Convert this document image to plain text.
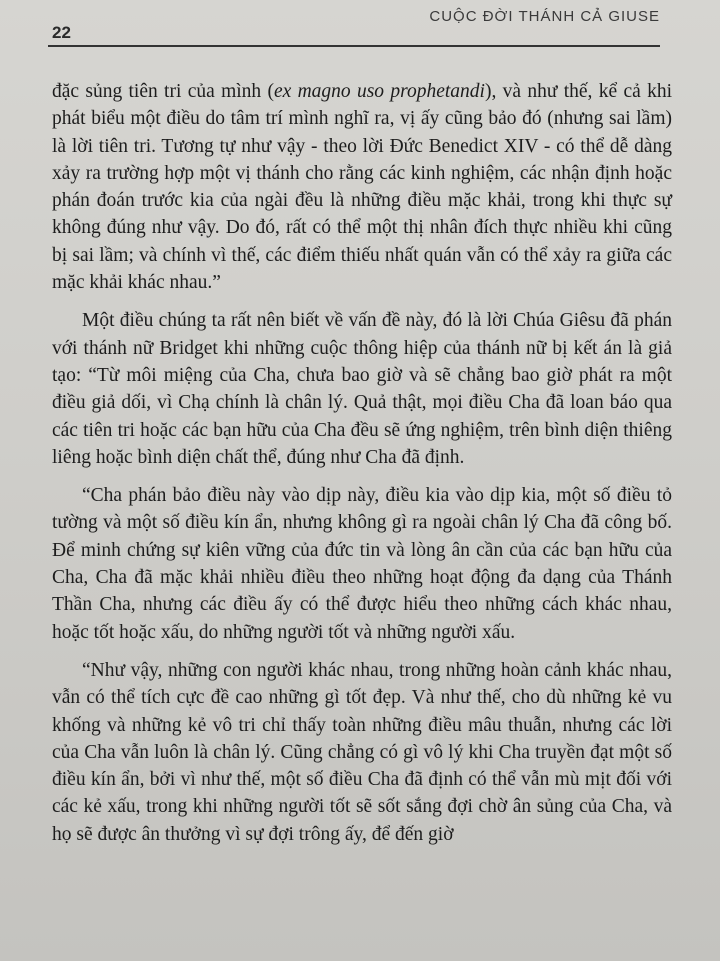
22
CUỘC ĐỜI THÁNH CẢ GIUSE

đặc sủng tiên tri của mình (ex magno uso prophetandi), và như thế, kể cả khi phát biểu một điều do tâm trí mình nghĩ ra, vị ấy cũng bảo đó (nhưng sai lầm) là lời tiên tri. Tương tự như vậy - theo lời Đức Benedict XIV - có thể dễ dàng xảy ra trường hợp một vị thánh cho rằng các kinh nghiệm, các nhận định hoặc phán đoán trước kia của ngài đều là những điều mặc khải, trong khi thực sự không đúng như vậy. Do đó, rất có thể một thị nhân đích thực nhiều khi cũng bị sai lầm; và chính vì thế, các điểm thiếu nhất quán vẫn có thể xảy ra giữa các mặc khải khác nhau.”

Một điều chúng ta rất nên biết về vấn đề này, đó là lời Chúa Giêsu đã phán với thánh nữ Bridget khi những cuộc thông hiệp của thánh nữ bị kết án là giả tạo: “Từ môi miệng của Cha, chưa bao giờ và sẽ chẳng bao giờ phát ra một điều giả dối, vì Chạ chính là chân lý. Quả thật, mọi điều Cha đã loan báo qua các tiên tri hoặc các bạn hữu của Cha đều sẽ ứng nghiệm, trên bình diện thiêng liêng hoặc bình diện chất thể, đúng như Cha đã định.

“Cha phán bảo điều này vào dịp này, điều kia vào dịp kia, một số điều tỏ tường và một số điều kín ẩn, nhưng không gì ra ngoài chân lý Cha đã công bố. Để minh chứng sự kiên vững của đức tin và lòng ân cần của các bạn hữu của Cha, Cha đã mặc khải nhiều điều theo những hoạt động đa dạng của Thánh Thần Cha, nhưng các điều ấy có thể được hiểu theo những cách khác nhau, hoặc tốt hoặc xấu, do những người tốt và những người xấu.

“Như vậy, những con người khác nhau, trong những hoàn cảnh khác nhau, vẫn có thể tích cực đề cao những gì tốt đẹp. Và như thế, cho dù những kẻ vu khống và những kẻ vô tri chỉ thấy toàn những điều mâu thuẫn, nhưng các lời của Cha vẫn luôn là chân lý. Cũng chẳng có gì vô lý khi Cha truyền đạt một số điều kín ẩn, bởi vì như thế, một số điều Cha đã định có thể vẫn mù mịt đối với các kẻ xấu, trong khi những người tốt sẽ sốt sắng đợi chờ ân sủng của Cha, và họ sẽ được ân thưởng vì sự đợi trông ấy, để đến giờ
